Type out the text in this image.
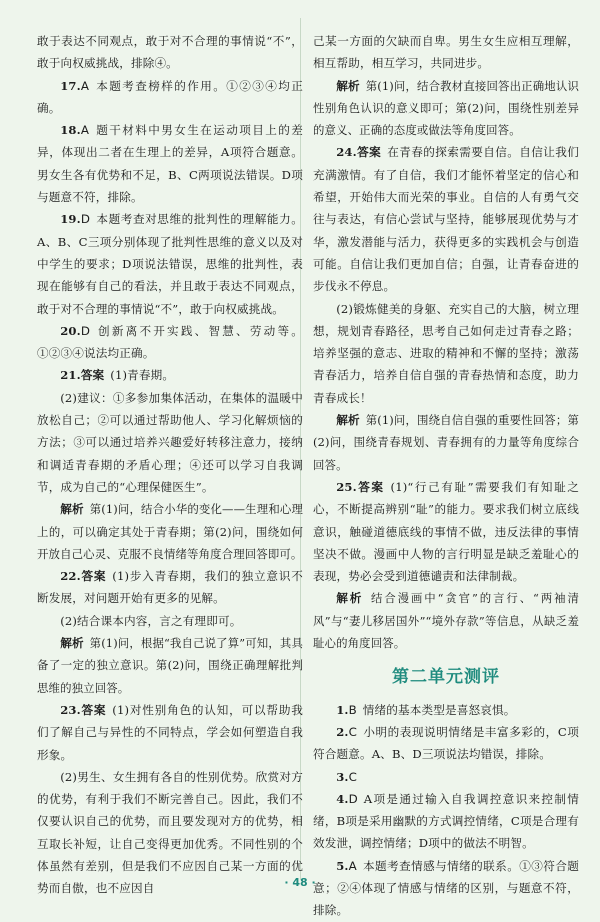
敢于表达不同观点，敢于对不合理的事情说“不”，敢于向权威挑战，排除④。

17.A  本题考查榜样的作用。①②③④均正确。

18.A  题干材料中男女生在运动项目上的差异，体现出二者在生理上的差异，A项符合题意。男女生各有优势和不足，B、C两项说法错误。D项与题意不符，排除。

19.D  本题考查对思维的批判性的理解能力。A、B、C三项分别体现了批判性思维的意义以及对中学生的要求；D项说法错误，思维的批判性，表现在能够有自己的看法，并且敢于表达不同观点，敢于对不合理的事情说“不”，敢于向权威挑战。

20.D  创新离不开实践、智慧、劳动等。①②③④说法均正确。

21.答案  (1)青春期。

(2)建议：①多参加集体活动，在集体的温暖中放松自己；②可以通过帮助他人、学习化解烦恼的方法；③可以通过培养兴趣爱好转移注意力，接纳和调适青春期的矛盾心理；④还可以学习自我调节，成为自己的“心理保健医生”。

解析  第(1)问，结合小华的变化——生理和心理上的，可以确定其处于青春期；第(2)问，围绕如何开放自己心灵、克服不良情绪等角度合理回答即可。

22.答案  (1)步入青春期，我们的独立意识不断发展，对问题开始有更多的见解。

(2)结合课本内容，言之有理即可。

解析  第(1)问，根据“我自己说了算”可知，其具备了一定的独立意识。第(2)问，围绕正确理解批判思维的独立回答。

23.答案  (1)对性别角色的认知，可以帮助我们了解自己与异性的不同特点，学会如何塑造自我形象。

(2)男生、女生拥有各自的性别优势。欣赏对方的优势，有利于我们不断完善自己。因此，我们不仅要认识自己的优势，而且要发现对方的优势，相互取长补短，让自己变得更加优秀。不同性别的个体虽然有差别，但是我们不应因自己某一方面的优势而自傲，也不应因自

己某一方面的欠缺而自卑。男生女生应相互理解，相互帮助，相互学习，共同进步。

解析  第(1)问，结合教材直接回答出正确地认识性别角色认识的意义即可；第(2)问，围绕性别差异的意义、正确的态度或做法等角度回答。

24.答案  在青春的探索需要自信。自信让我们充满激情。有了自信，我们才能怀着坚定的信心和希望，开始伟大而光荣的事业。自信的人有勇气交往与表达，有信心尝试与坚持，能够展现优势与才华，激发潜能与活力，获得更多的实践机会与创造可能。自信让我们更加自信；自强，让青春奋进的步伐永不停息。

(2)锻炼健美的身躯、充实自己的大脑，树立理想，规划青春路径，思考自己如何走过青春之路；培养坚强的意志、进取的精神和不懈的坚持；激荡青春活力，培养自信自强的青春热情和态度，助力青春成长！

解析  第(1)问，围绕自信自强的重要性回答；第(2)问，围绕青春规划、青春拥有的力量等角度综合回答。

25.答案  (1)“行己有耻”需要我们有知耻之心，不断提高辨别“耻”的能力。要求我们树立底线意识，触碰道德底线的事情不做，违反法律的事情坚决不做。漫画中人物的言行明显是缺乏羞耻心的表现，势必会受到道德谴责和法律制裁。

解析  结合漫画中“贪官”的言行、“两袖清风”与“妻儿移居国外”“境外存款”等信息，从缺乏羞耻心的角度回答。

第二单元测评

1.B  情绪的基本类型是喜怒哀惧。

2.C  小明的表现说明情绪是丰富多彩的，C项符合题意。A、B、D三项说法均错误，排除。

3.C 

4.D  A项是通过输入自我调控意识来控制情绪，B项是采用幽默的方式调控情绪，C项是合理有效发泄，调控情绪；D项中的做法不明智。

5.A  本题考查情感与情绪的联系。①③符合题意；②④体现了情感与情绪的区别，与题意不符，排除。

· 48 ·
